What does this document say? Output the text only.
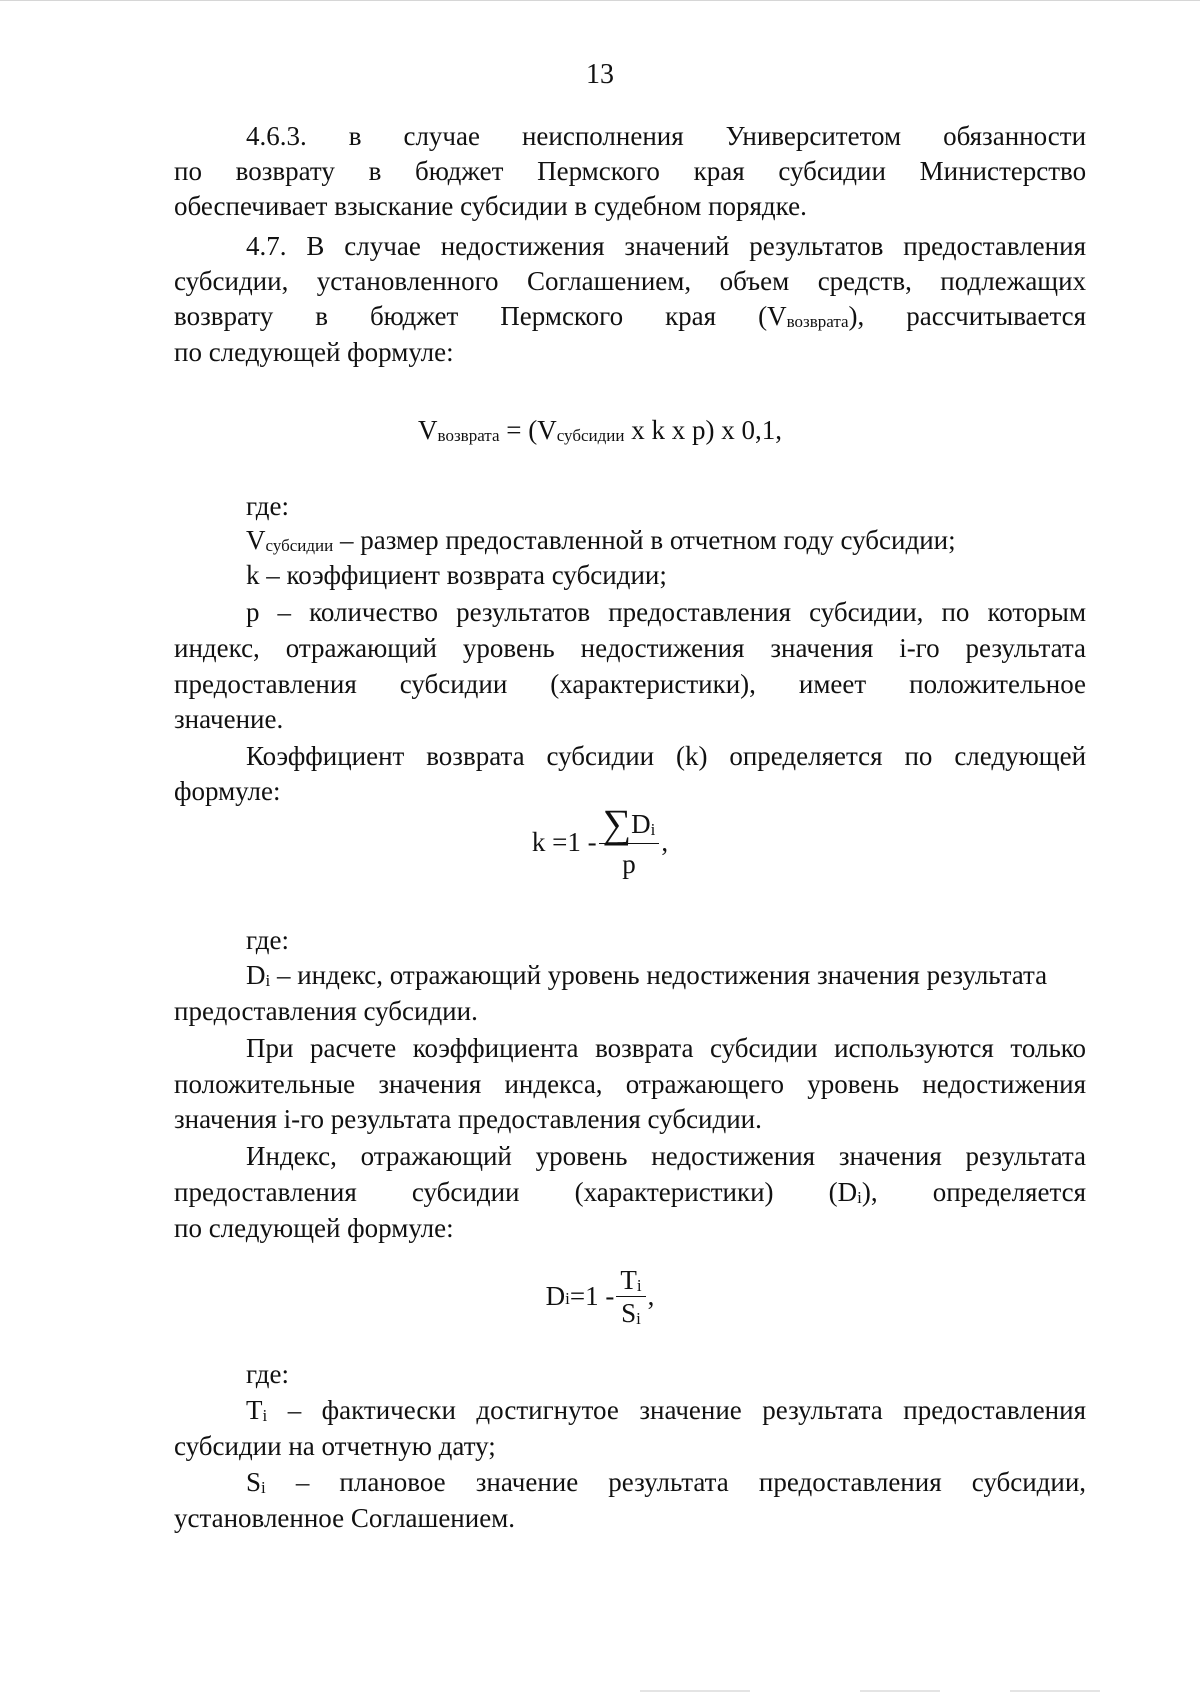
13
4.6.3. в случае неисполнения Университетом обязанности
по возврату в бюджет Пермского края субсидии Министерство
обеспечивает взыскание субсидии в судебном порядке.
4.7. В случае недостижения значений результатов предоставления
субсидии, установленного Соглашением, объем средств, подлежащих
возврату в бюджет Пермского края $(V_{возврата})$, рассчитывается
по следующей формуле:
$V_{возврата} = (V_{субсидии}$ x k x p) x 0,1,
где:
$V_{субсидии}$ – размер предоставленной в отчетном году субсидии;
k – коэффициент возврата субсидии;
p – количество результатов предоставления субсидии, по которым
индекс, отражающий уровень недостижения значения i-го результата
предоставления субсидии (характеристики), имеет положительное
значение.
Коэффициент возврата субсидии (k) определяется по следующей
формуле:
$k =1 - \frac{\sum D_i}{p}$ ,
где:
$D_i$ – индекс, отражающий уровень недостижения значения результата
предоставления субсидии.
При расчете коэффициента возврата субсидии используются только
положительные значения индекса, отражающего уровень недостижения
значения i-го результата предоставления субсидии.
Индекс, отражающий уровень недостижения значения результата
предоставления субсидии (характеристики) $(D_i)$, определяется
по следующей формуле:
$D_i =1 - \frac{T_i}{S_i}$ ,
где:
$T_i$ – фактически достигнутое значение результата предоставления
субсидии на отчетную дату;
$S_i$ – плановое значение результата предоставления субсидии,
установленное Соглашением.
